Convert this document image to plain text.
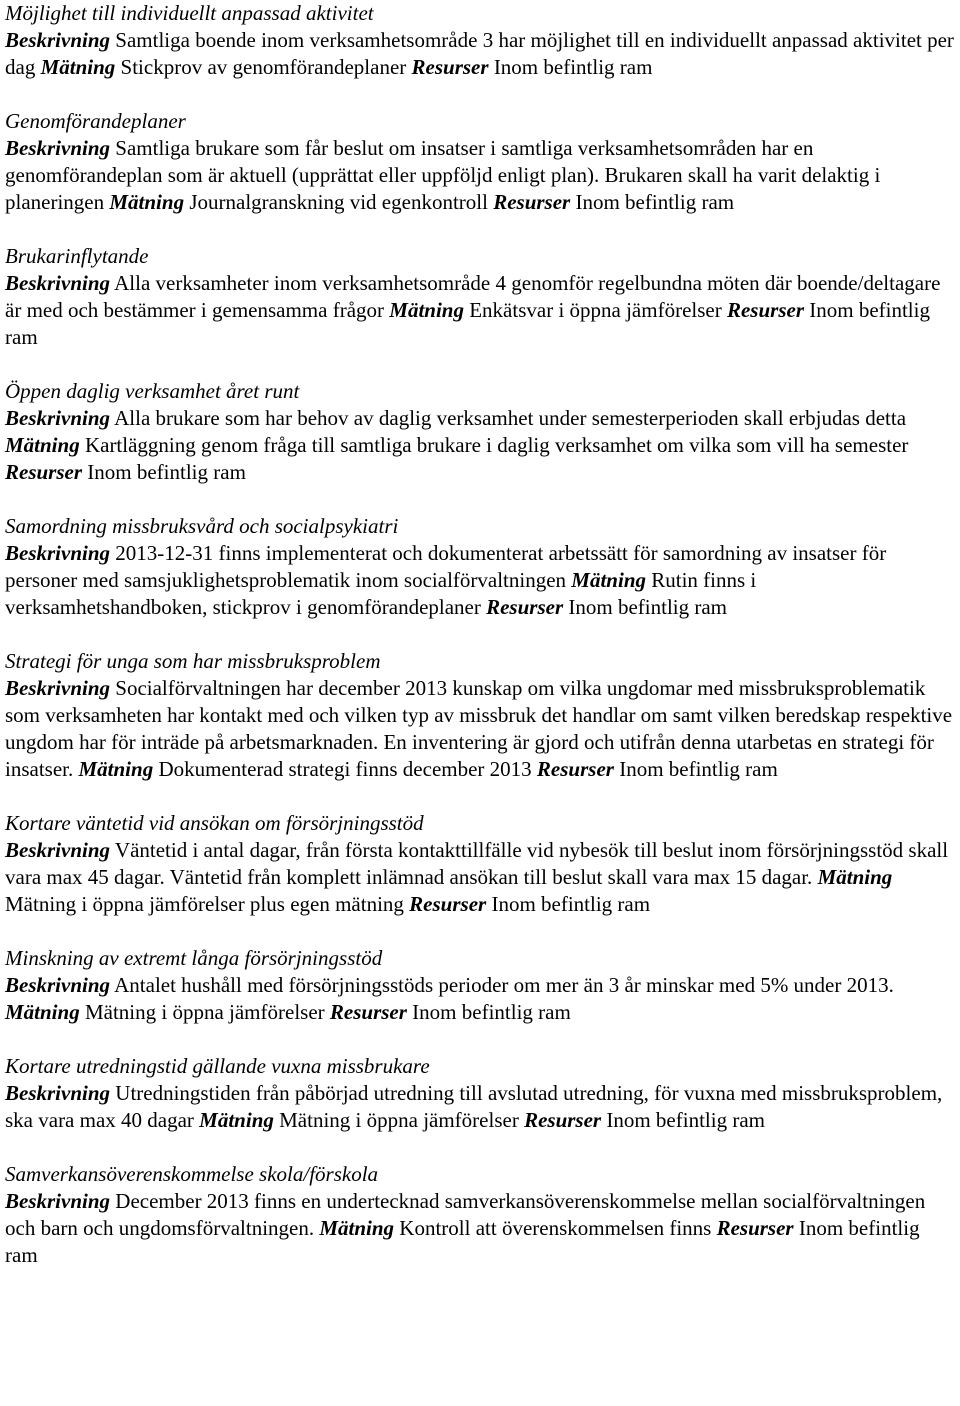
Möjlighet till individuellt anpassad aktivitet

Beskrivning Samtliga boende inom verksamhetsområde 3 har möjlighet till en individuellt anpassad aktivitet per dag Mätning Stickprov av genomförandeplaner Resurser Inom befintlig ram

Genomförandeplaner

Beskrivning Samtliga brukare som får beslut om insatser i samtliga verksamhetsområden har en genomförandeplan som är aktuell (upprättat eller uppföljd enligt plan). Brukaren skall ha varit delaktig i planeringen Mätning Journalgranskning vid egenkontroll Resurser Inom befintlig ram

Brukarinflytande

Beskrivning Alla verksamheter inom verksamhetsområde 4 genomför regelbundna möten där boende/deltagare är med och bestämmer i gemensamma frågor Mätning Enkätsvar i öppna jämförelser Resurser Inom befintlig ram

Öppen daglig verksamhet året runt

Beskrivning Alla brukare som har behov av daglig verksamhet under semesterperioden skall erbjudas detta Mätning Kartläggning genom fråga till samtliga brukare i daglig verksamhet om vilka som vill ha semester Resurser Inom befintlig ram

Samordning missbruksvård och socialpsykiatri

Beskrivning 2013-12-31 finns implementerat och dokumenterat arbetssätt för samordning av insatser för personer med samsjuklighetsproblematik inom socialförvaltningen Mätning Rutin finns i verksamhetshandboken, stickprov i genomförandeplaner Resurser Inom befintlig ram

Strategi för unga som har missbruksproblem

Beskrivning Socialförvaltningen har december 2013 kunskap om vilka ungdomar med missbruksproblematik som verksamheten har kontakt med och vilken typ av missbruk det handlar om samt vilken beredskap respektive ungdom har för inträde på arbetsmarknaden. En inventering är gjord och utifrån denna utarbetas en strategi för insatser. Mätning Dokumenterad strategi finns december 2013 Resurser Inom befintlig ram

Kortare väntetid vid ansökan om försörjningsstöd

Beskrivning Väntetid i antal dagar, från första kontakttillfälle vid nybesök till beslut inom försörjningsstöd skall vara max 45 dagar. Väntetid från komplett inlämnad ansökan till beslut skall vara max 15 dagar. Mätning Mätning i öppna jämförelser plus egen mätning Resurser Inom befintlig ram

Minskning av extremt långa försörjningsstöd

Beskrivning Antalet hushåll med försörjningsstöds perioder om mer än 3 år minskar med 5% under 2013. Mätning Mätning i öppna jämförelser Resurser Inom befintlig ram

Kortare utredningstid gällande vuxna missbrukare

Beskrivning Utredningstiden från påbörjad utredning till avslutad utredning, för vuxna med missbruksproblem, ska vara max 40 dagar Mätning Mätning i öppna jämförelser Resurser Inom befintlig ram

Samverkansöverenskommelse skola/förskola

Beskrivning December 2013 finns en undertecknad samverkansöverenskommelse mellan socialförvaltningen och barn och ungdomsförvaltningen. Mätning Kontroll att överenskommelsen finns Resurser Inom befintlig ram
